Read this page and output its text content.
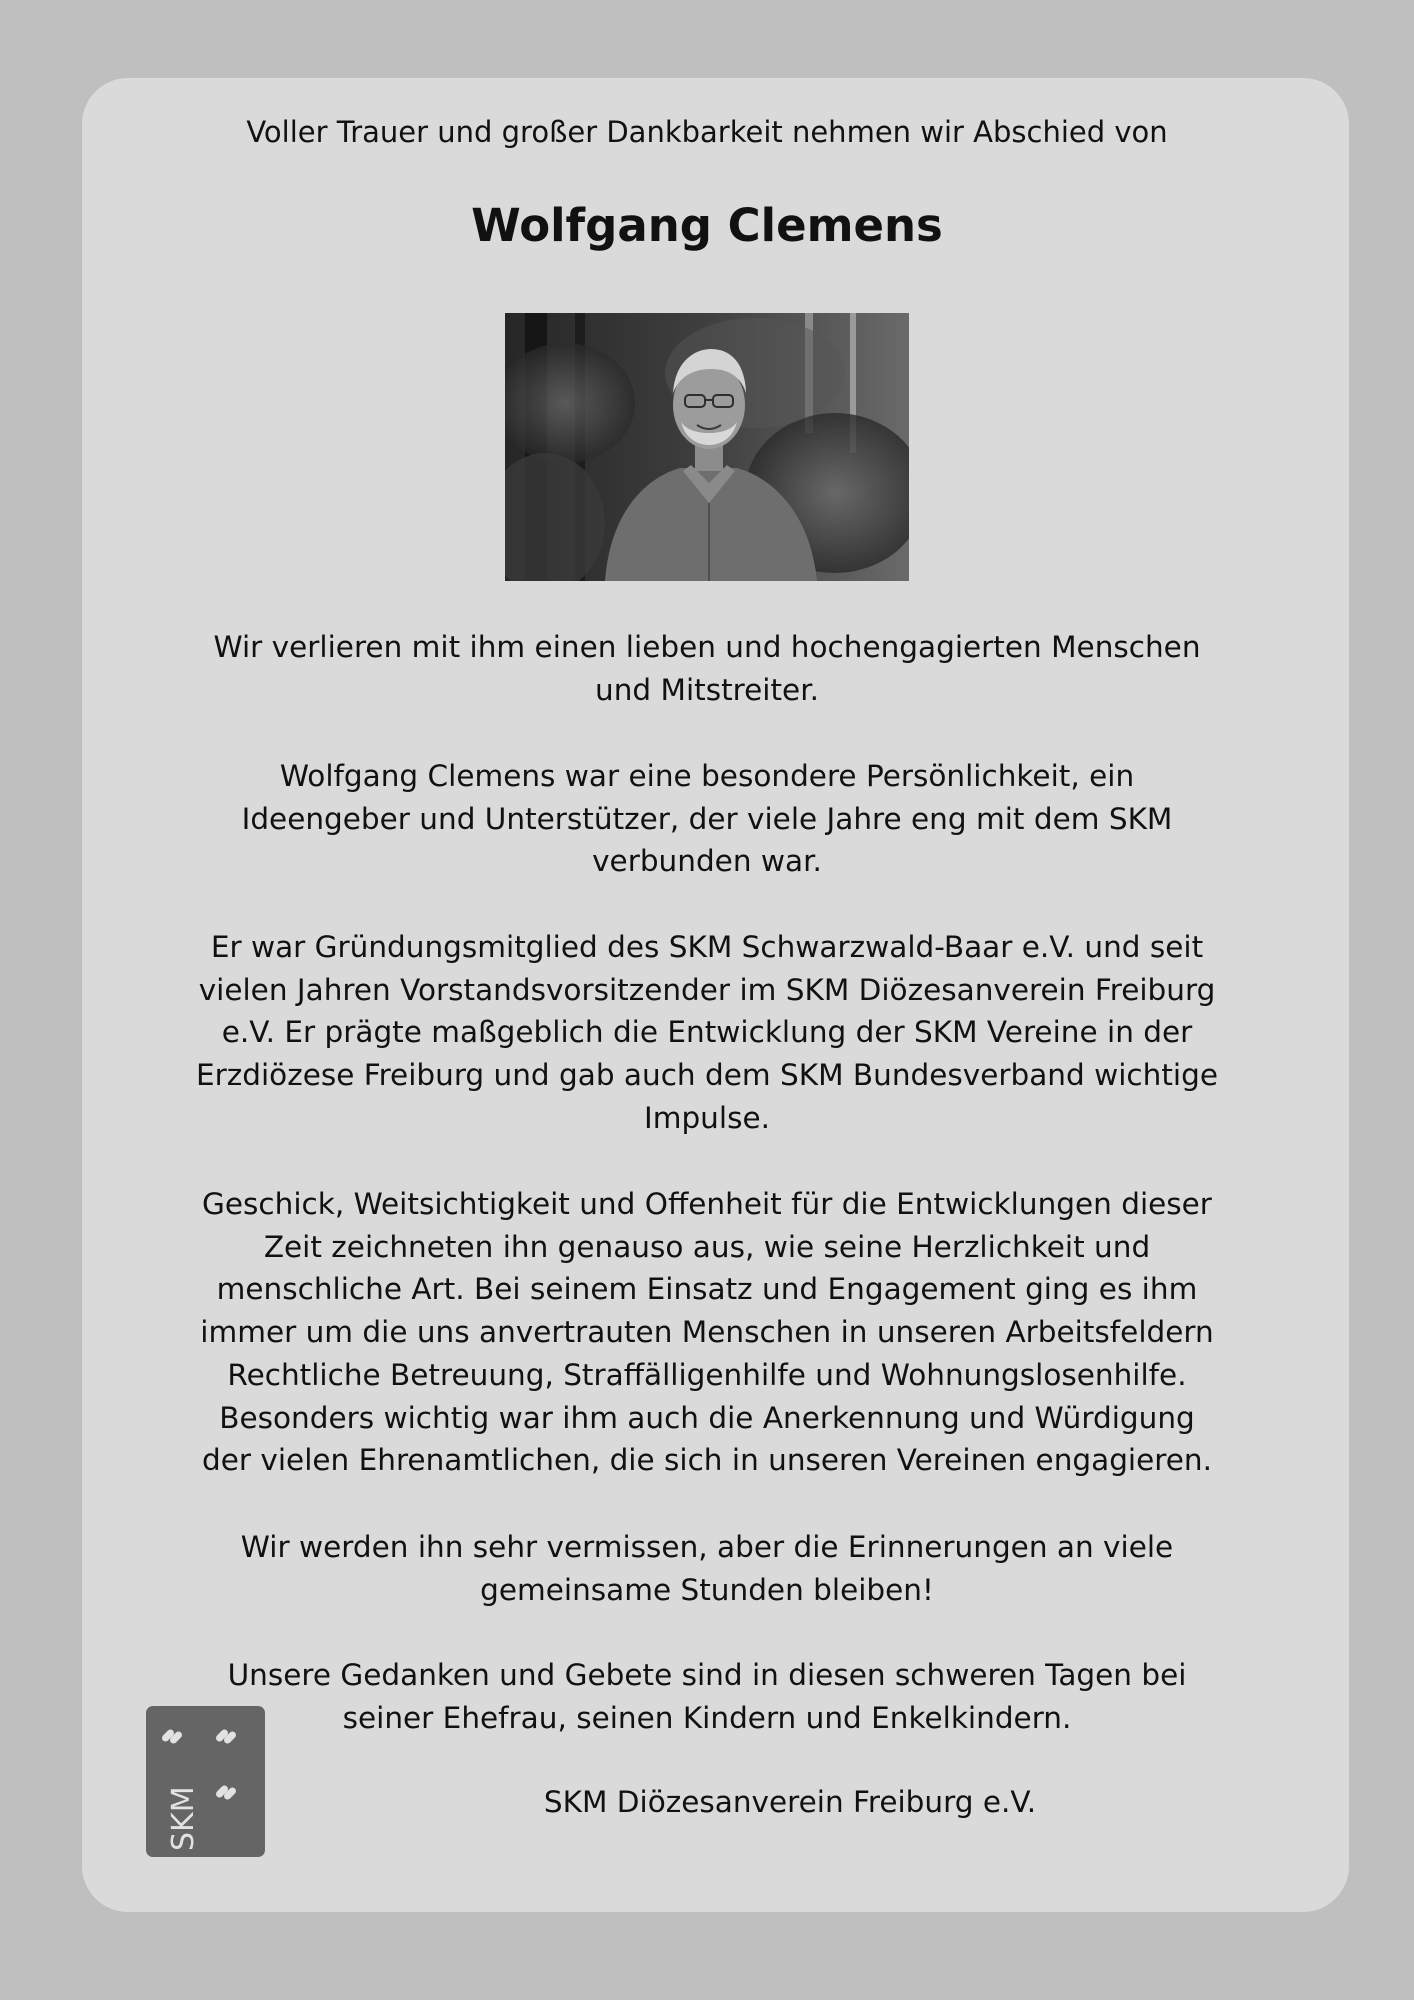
Voller Trauer und großer Dankbarkeit nehmen wir Abschied von

Wolfgang Clemens

Wir verlieren mit ihm einen lieben und hochengagierten Menschen
und Mitstreiter.

Wolfgang Clemens war eine besondere Persönlichkeit, ein
Ideengeber und Unterstützer, der viele Jahre eng mit dem SKM
verbunden war.

Er war Gründungsmitglied des SKM Schwarzwald-Baar e.V. und seit
vielen Jahren Vorstandsvorsitzender im SKM Diözesanverein Freiburg
e.V. Er prägte maßgeblich die Entwicklung der SKM Vereine in der
Erzdiözese Freiburg und gab auch dem SKM Bundesverband wichtige
Impulse.

Geschick, Weitsichtigkeit und Offenheit für die Entwicklungen dieser
Zeit zeichneten ihn genauso aus, wie seine Herzlichkeit und
menschliche Art. Bei seinem Einsatz und Engagement ging es ihm
immer um die uns anvertrauten Menschen in unseren Arbeitsfeldern
Rechtliche Betreuung, Straffälligenhilfe und Wohnungslosenhilfe.
Besonders wichtig war ihm auch die Anerkennung und Würdigung
der vielen Ehrenamtlichen, die sich in unseren Vereinen engagieren.

Wir werden ihn sehr vermissen, aber die Erinnerungen an viele
gemeinsame Stunden bleiben!

Unsere Gedanken und Gebete sind in diesen schweren Tagen bei
seiner Ehefrau, seinen Kindern und Enkelkindern.

SKM	SKM Diözesanverein Freiburg e.V.
